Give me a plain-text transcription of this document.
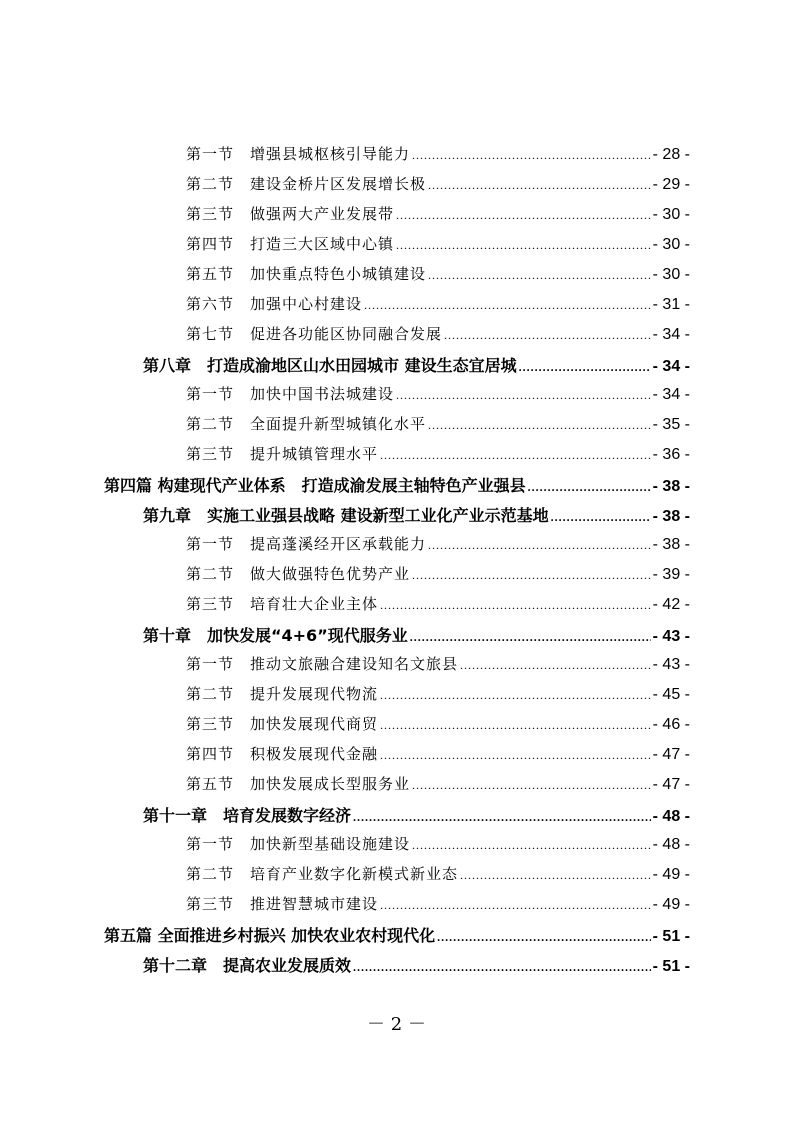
第一节　增强县城枢核引导能力 .....	- 28 -
第二节　建设金桥片区发展增长极 .....	- 29 -
第三节　做强两大产业发展带 .....	- 30 -
第四节　打造三大区域中心镇 .....	- 30 -
第五节　加快重点特色小城镇建设 .....	- 30 -
第六节　加强中心村建设 .....	- 31 -
第七节　促进各功能区协同融合发展 .....	- 34 -
第八章　打造成渝地区山水田园城市 建设生态宜居城 .....	- 34 -
第一节　加快中国书法城建设 .....	- 34 -
第二节　全面提升新型城镇化水平 .....	- 35 -
第三节　提升城镇管理水平 .....	- 36 -
第四篇 构建现代产业体系　打造成渝发展主轴特色产业强县 .....	- 38 -
第九章　实施工业强县战略 建设新型工业化产业示范基地 .....	- 38 -
第一节　提高蓬溪经开区承载能力 .....	- 38 -
第二节　做大做强特色优势产业 .....	- 39 -
第三节　培育壮大企业主体 .....	- 42 -
第十章　加快发展“4+6”现代服务业 .....	- 43 -
第一节　推动文旅融合建设知名文旅县 .....	- 43 -
第二节　提升发展现代物流 .....	- 45 -
第三节　加快发展现代商贸 .....	- 46 -
第四节　积极发展现代金融 .....	- 47 -
第五节　加快发展成长型服务业 .....	- 47 -
第十一章　培育发展数字经济 .....	- 48 -
第一节　加快新型基础设施建设 .....	- 48 -
第二节　培育产业数字化新模式新业态 .....	- 49 -
第三节　推进智慧城市建设 .....	- 49 -
第五篇 全面推进乡村振兴 加快农业农村现代化 .....	- 51 -
第十二章　提高农业发展质效 .....	- 51 -
－ 2 －
